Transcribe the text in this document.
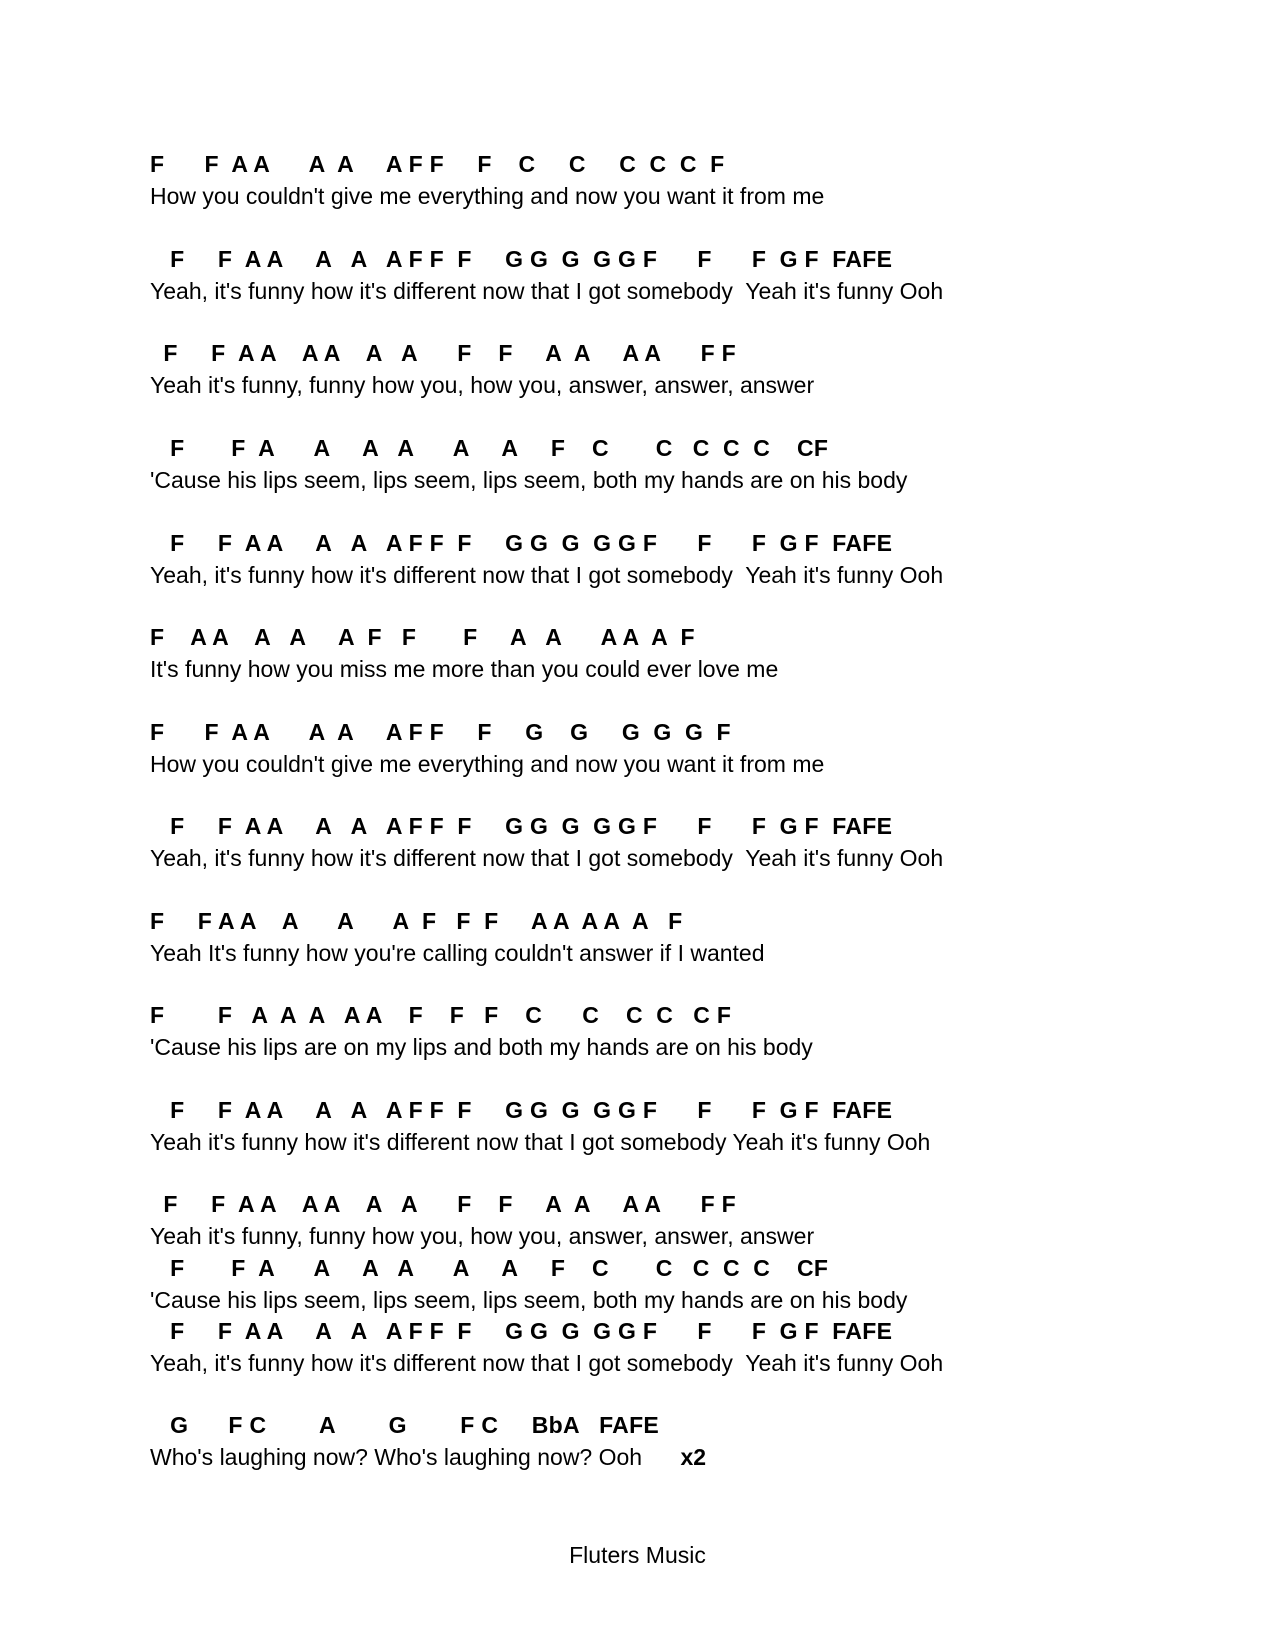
F      F  A A      A  A     A F F     F    C     C     C  C  C  F
How you couldn't give me everything and now you want it from me
F     F  A A     A   A   A F F  F     G G  G  G G F      F      F  G F  FAFE
Yeah, it's funny how it's different now that I got somebody  Yeah it's funny Ooh
F     F  A A    A A    A   A      F    F     A  A     A A      F F
Yeah it's funny, funny how you, how you, answer, answer, answer
F       F  A      A     A   A      A     A     F    C       C   C  C  C    CF
'Cause his lips seem, lips seem, lips seem, both my hands are on his body
F     F  A A     A   A   A F F  F     G G  G  G G F      F      F  G F  FAFE
Yeah, it's funny how it's different now that I got somebody  Yeah it's funny Ooh
F    A A    A   A     A  F   F       F     A   A      A A  A  F
It's funny how you miss me more than you could ever love me
F      F  A A      A  A     A F F     F     G    G     G  G  G  F
How you couldn't give me everything and now you want it from me
F     F  A A     A   A   A F F  F     G G  G  G G F      F      F  G F  FAFE
Yeah, it's funny how it's different now that I got somebody  Yeah it's funny Ooh
F     F A A    A      A      A  F   F  F     A A  A A  A   F
Yeah It's funny how you're calling couldn't answer if I wanted
F        F   A  A  A   A A    F    F   F    C      C    C  C   C F
'Cause his lips are on my lips and both my hands are on his body
F     F  A A     A   A   A F F  F     G G  G  G G F      F      F  G F  FAFE
Yeah it's funny how it's different now that I got somebody Yeah it's funny Ooh
F     F  A A    A A    A   A      F    F     A  A     A A      F F
Yeah it's funny, funny how you, how you, answer, answer, answer
F       F  A      A     A   A      A     A     F    C       C   C  C  C    CF
'Cause his lips seem, lips seem, lips seem, both my hands are on his body
F     F  A A     A   A   A F F  F     G G  G  G G F      F      F  G F  FAFE
Yeah, it's funny how it's different now that I got somebody  Yeah it's funny Ooh
G      F C        A        G        F C     BbA   FAFE
Who's laughing now? Who's laughing now? Ooh x2
Fluters Music
